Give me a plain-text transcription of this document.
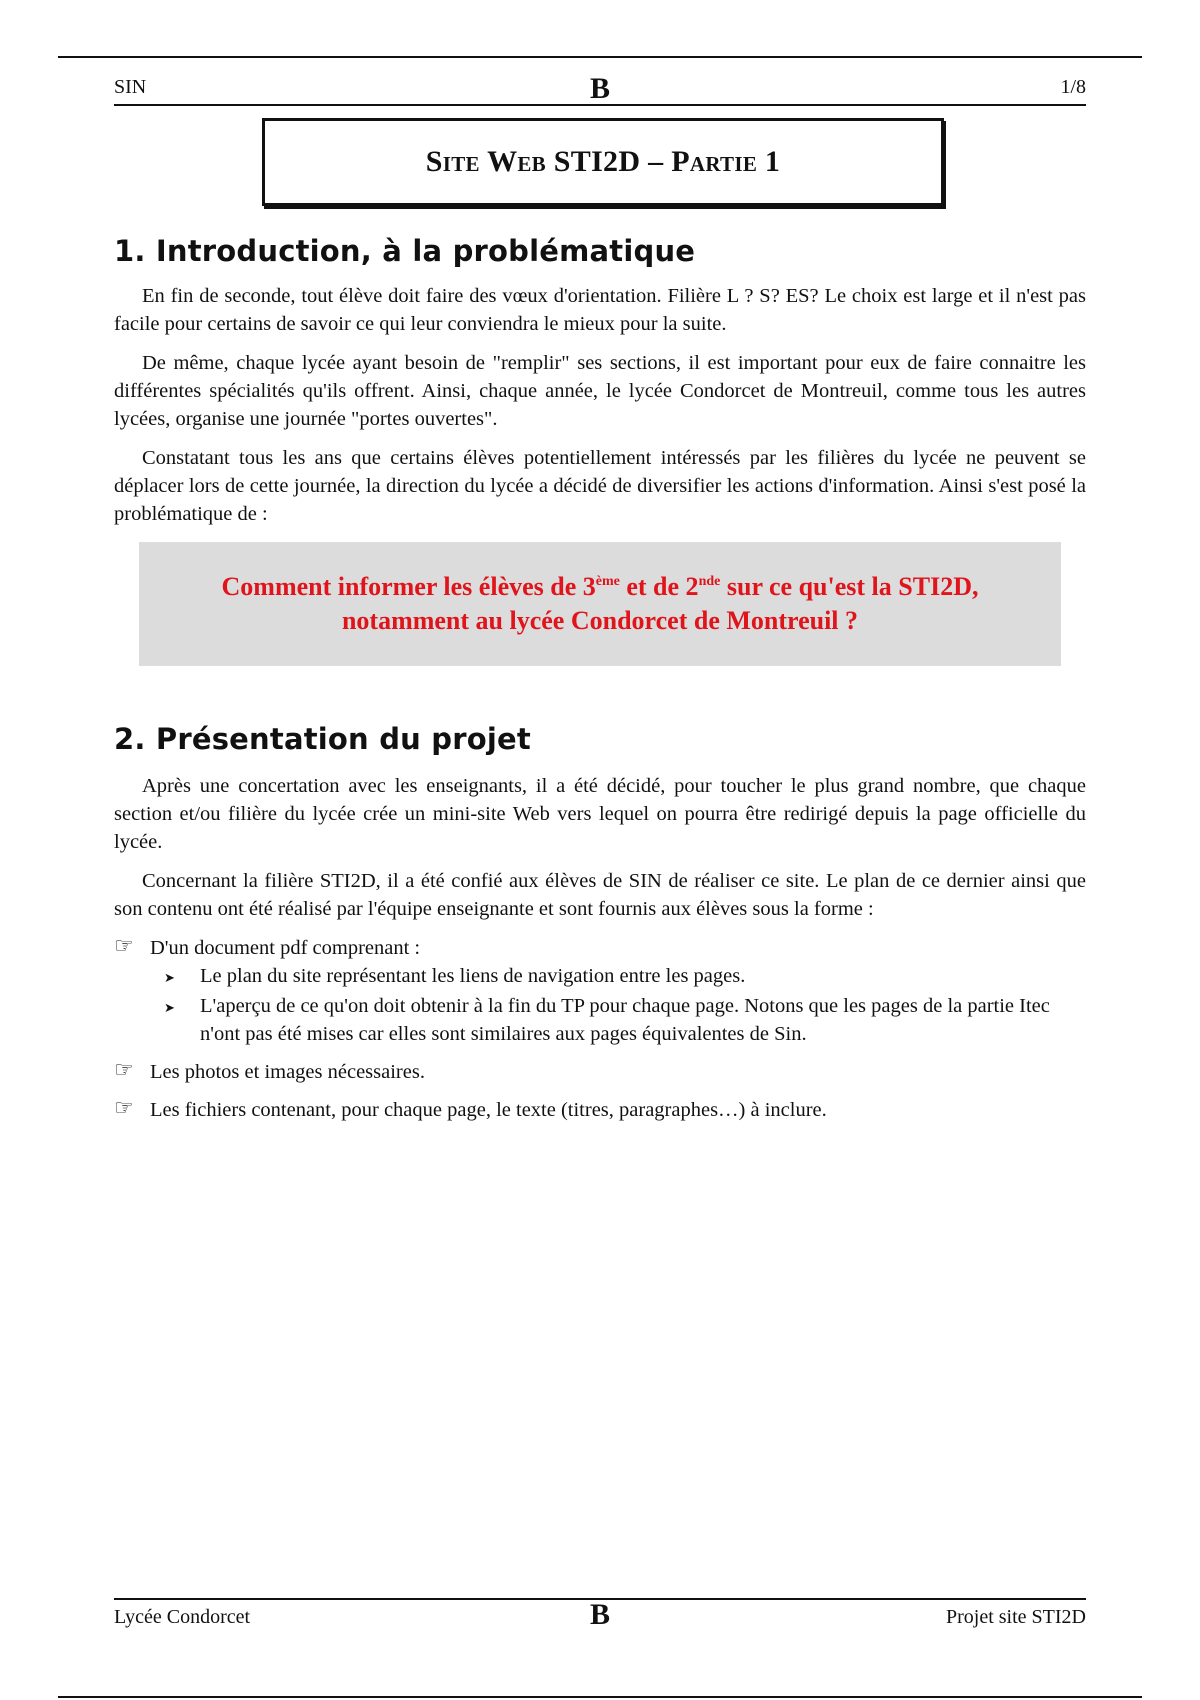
SIN	B	1/8
Site Web STI2D – Partie 1
1. Introduction, à la problématique

En fin de seconde, tout élève doit faire des vœux d'orientation. Filière L ? S? ES? Le choix est large et il n'est pas facile pour certains de savoir ce qui leur conviendra le mieux pour la suite.

De même, chaque lycée ayant besoin de "remplir" ses sections, il est important pour eux de faire connaitre les différentes spécialités qu'ils offrent. Ainsi, chaque année, le lycée Condorcet de Montreuil, comme tous les autres lycées, organise une journée "portes ouvertes".

Constatant tous les ans que certains élèves potentiellement intéressés par les filières du lycée ne peuvent se déplacer lors de cette journée, la direction du lycée a décidé de diversifier les actions d'information. Ainsi s'est posé la problématique de :

Comment informer les élèves de 3ème et de 2nde sur ce qu'est la STI2D,
notamment au lycée Condorcet de Montreuil ?
2. Présentation du projet

Après une concertation avec les enseignants, il a été décidé, pour toucher le plus grand nombre, que chaque section et/ou filière du lycée crée un mini-site Web vers lequel on pourra être redirigé depuis la page officielle du lycée.

Concernant la filière STI2D, il a été confié aux élèves de SIN de réaliser ce site. Le plan de ce dernier ainsi que son contenu ont été réalisé par l'équipe enseignante et sont fournis aux élèves sous la forme :

☞ D'un document pdf comprenant :
➤	Le plan du site représentant les liens de navigation entre les pages.
➤	L'aperçu de ce qu'on doit obtenir à la fin du TP pour chaque page. Notons que les pages de la partie Itec n'ont pas été mises car elles sont similaires aux pages équivalentes de Sin.
☞ Les photos et images nécessaires.
☞ Les fichiers contenant, pour chaque page, le texte (titres, paragraphes…) à inclure.
Lycée Condorcet	B	Projet site STI2D
